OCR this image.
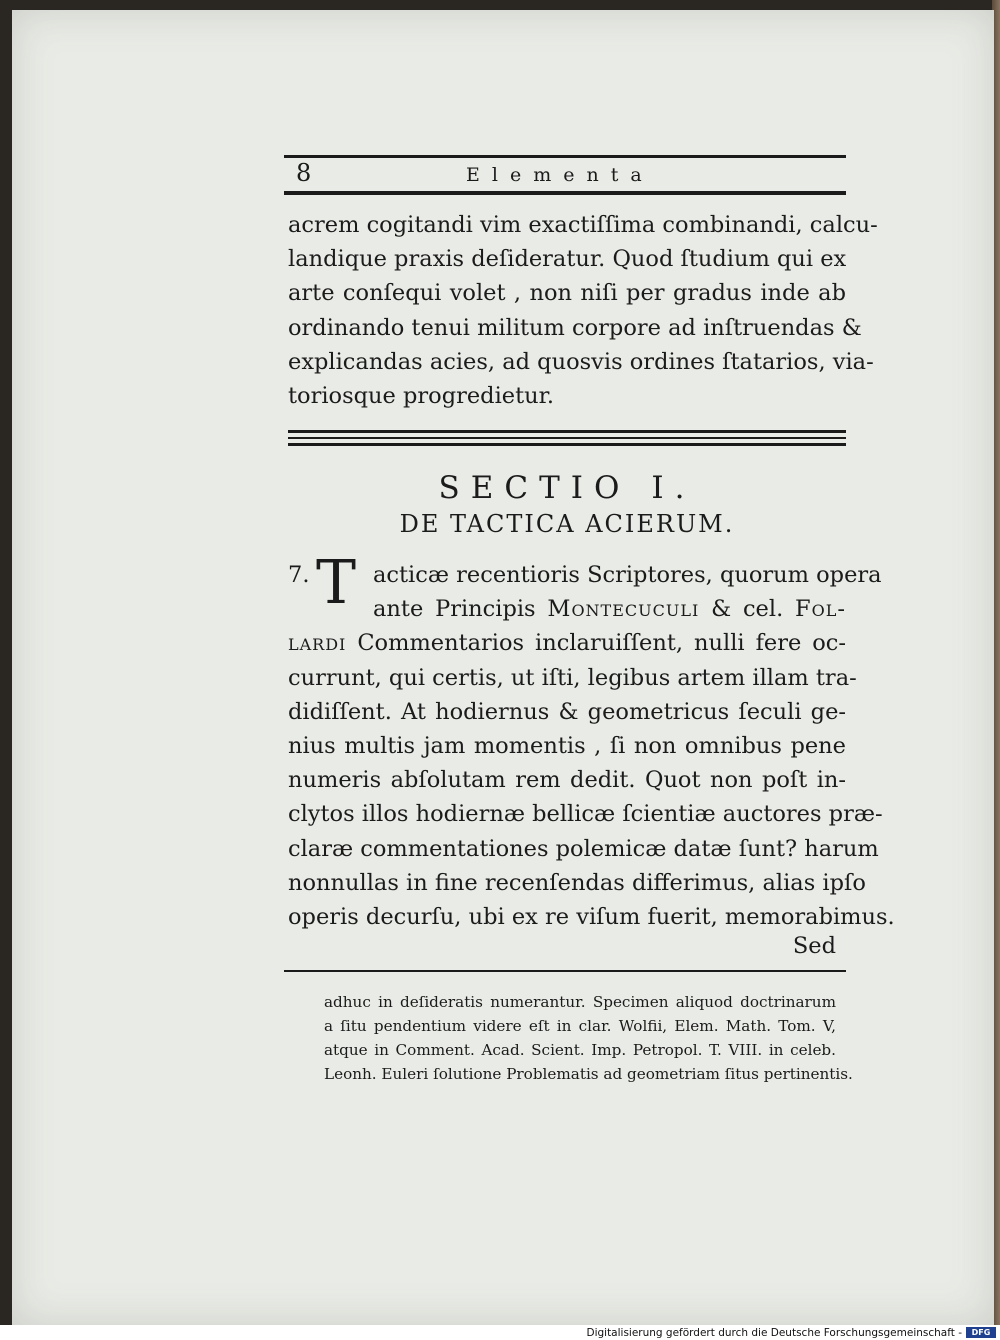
8	Elementa
acrem cogitandi vim exactiſſima combinandi, calcu-
landique praxis deſideratur. Quod ſtudium qui ex
arte conſequi volet , non niſi per gradus inde ab
ordinando tenui militum corpore ad inſtruendas &
explicandas acies, ad quosvis ordines ſtatarios, via-
toriosque progredietur.
SECTIO I.
DE TACTICA ACIERUM.
7. T acticæ recentioris Scriptores, quorum opera
ante Principis Montecuculi & cel. Fol-
lardi Commentarios inclaruiſſent, nulli fere oc-
currunt, qui certis, ut iſti, legibus artem illam tra-
didiſſent. At hodiernus & geometricus ſeculi ge-
nius multis jam momentis , ſi non omnibus pene
numeris abſolutam rem dedit. Quot non poſt in-
clytos illos hodiernæ bellicæ ſcientiæ auctores præ-
claræ commentationes polemicæ datæ ſunt? harum
nonnullas in fine recenſendas differimus, alias ipſo
operis decurſu, ubi ex re viſum fuerit, memorabimus.
Sed
adhuc in deſideratis numerantur. Specimen aliquod doctrinarum
a ſitu pendentium videre eſt in clar. Wolfii, Elem. Math. Tom. V,
atque in Comment. Acad. Scient. Imp. Petropol. T. VIII. in celeb.
Leonh. Euleri ſolutione Problematis ad geometriam ſitus pertinentis.
Digitalisierung gefördert durch die Deutsche Forschungsgemeinschaft -	DFG
